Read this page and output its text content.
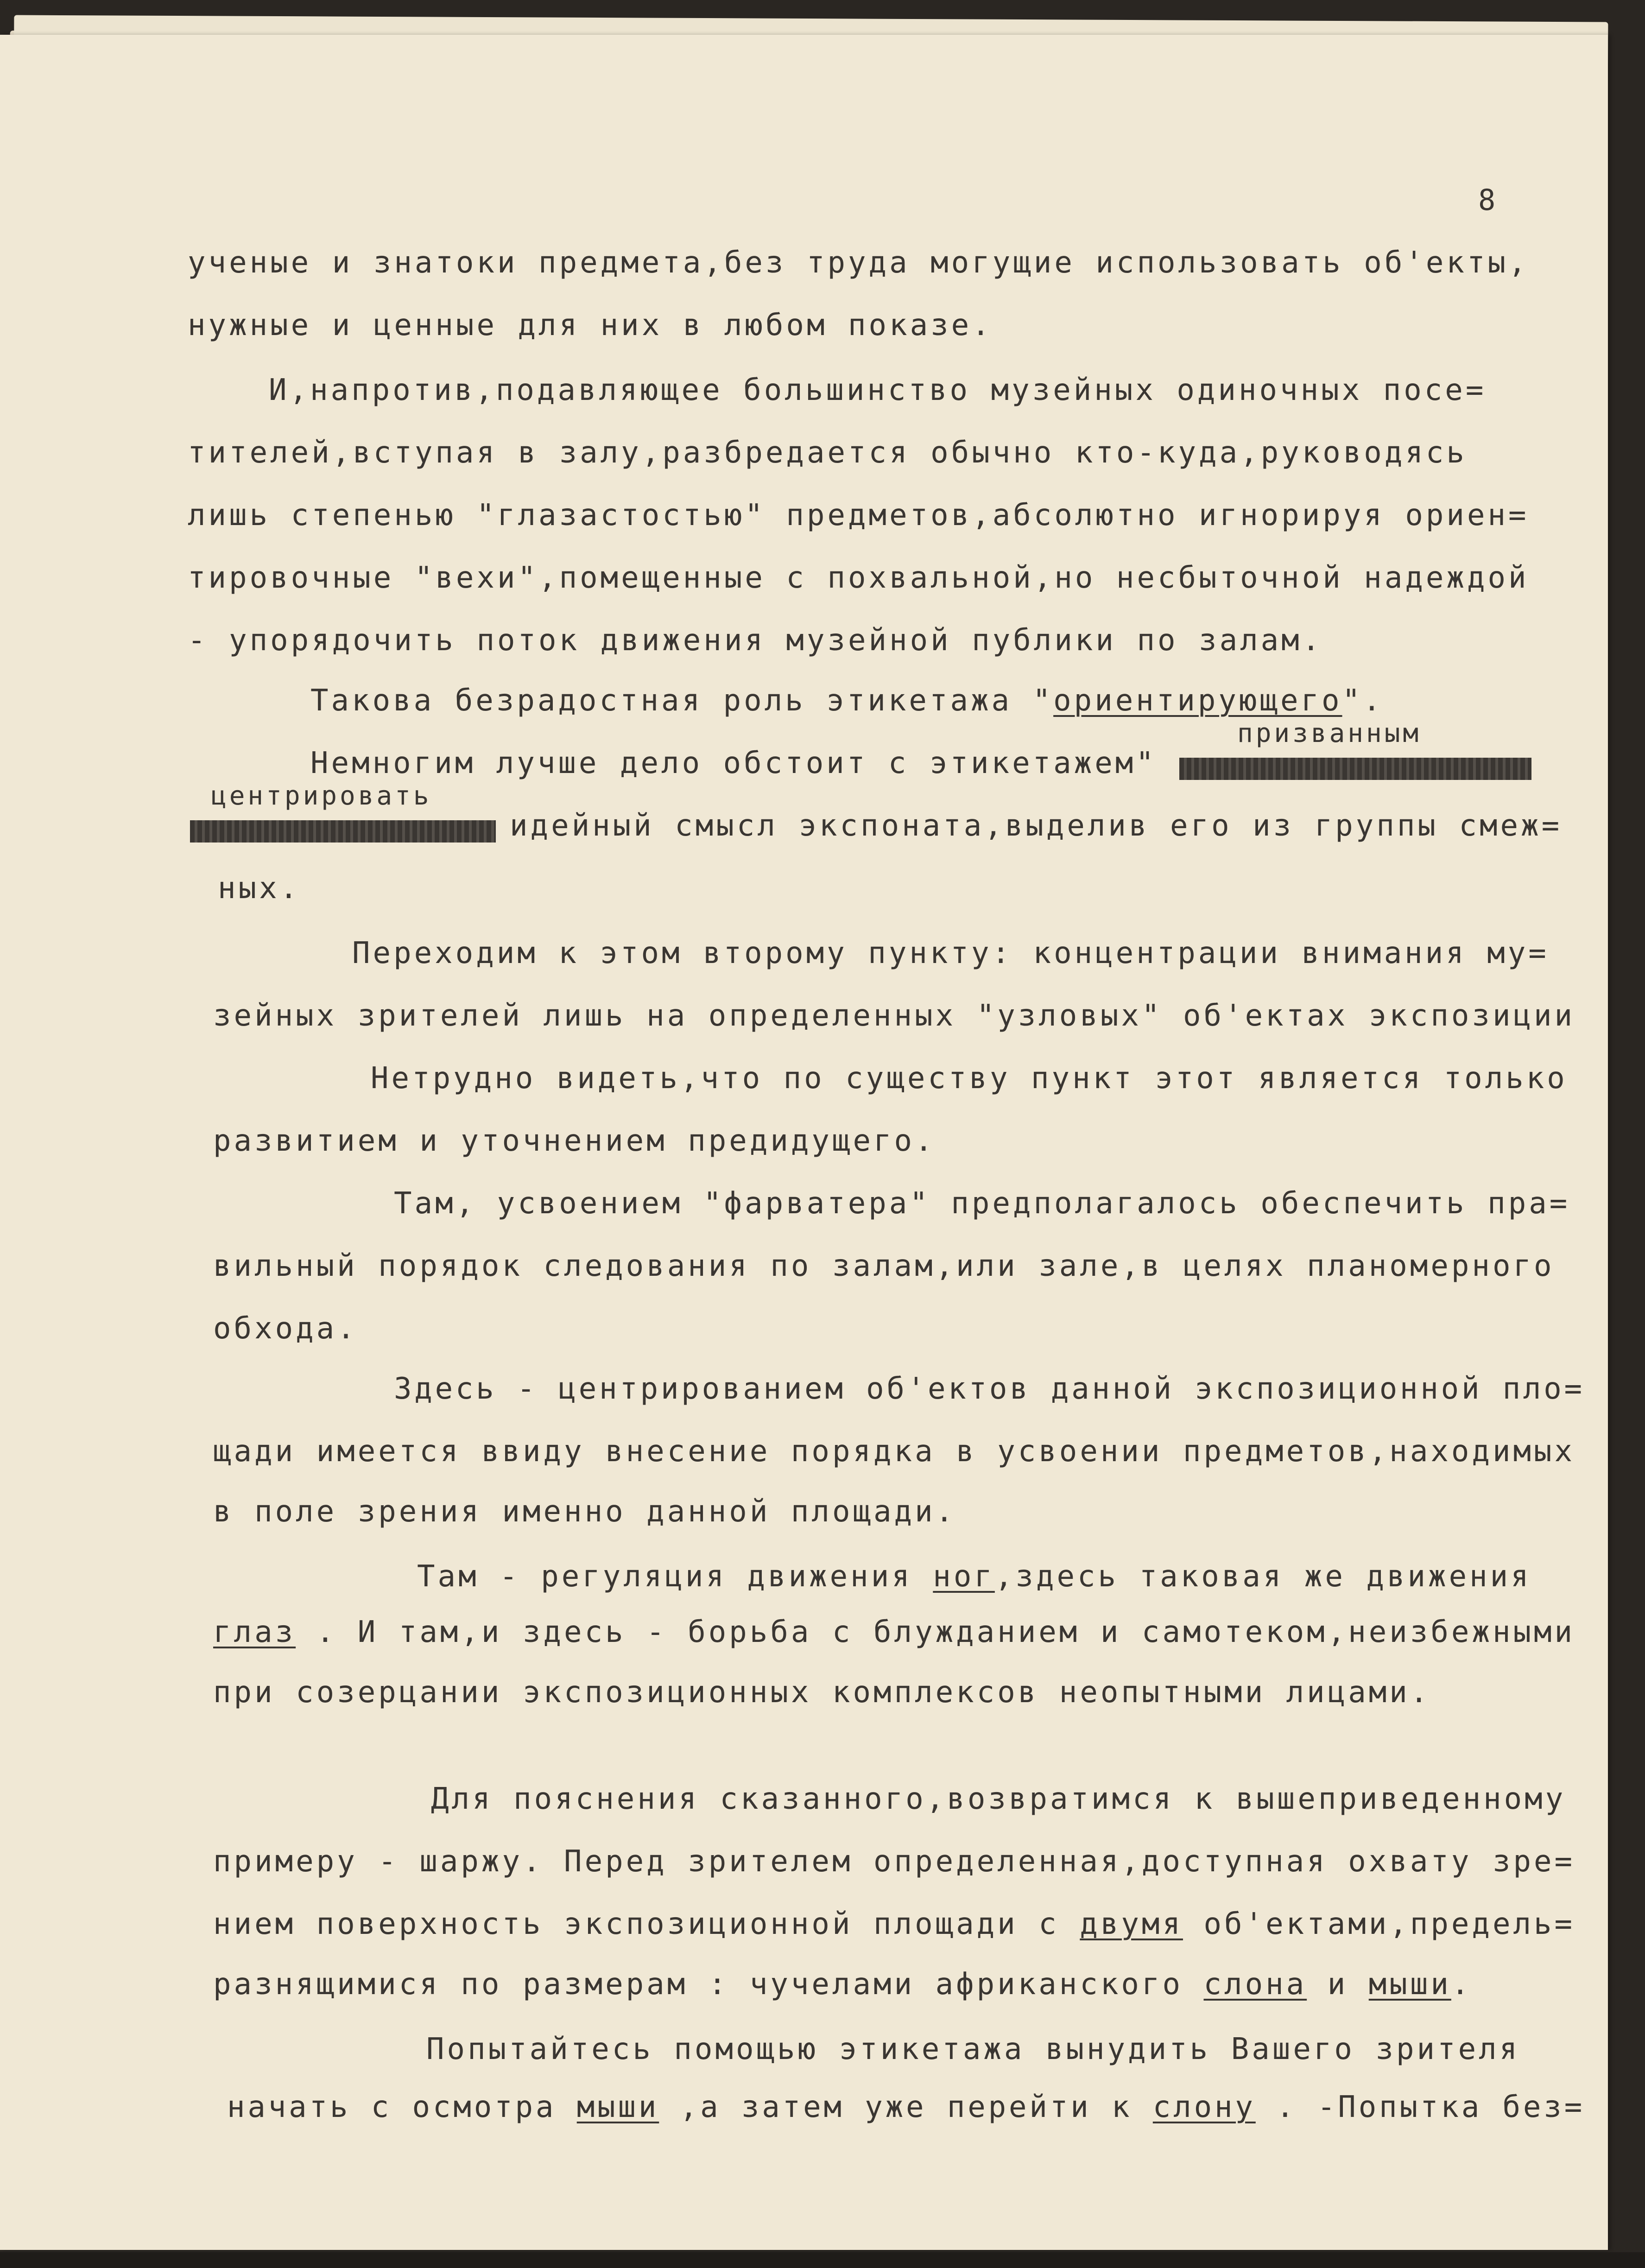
8

ученые и знатоки предмета,без труда могущие использовать об'екты,

нужные и ценные для них в любом показе.

И,напротив,подавляющее большинство музейных одиночных посе=

тителей,вступая в залу,разбредается обычно кто-куда,руководясь

лишь степенью "глазастостью" предметов,абсолютно игнорируя ориен=

тировочные "вехи",помещенные с похвальной,но несбыточной надеждой

- упорядочить поток движения музейной публики по залам.

Такова безрадостная роль этикетажа "ориентирующего".

призванным

Немногим лучше дело обстоит с этикетажем"

центрировать

идейный смысл экспоната,выделив его из группы смеж=

ных.

Переходим к этом второму пункту: концентрации внимания му=

зейных зрителей лишь на определенных "узловых" об'ектах экспозиции

Нетрудно видеть,что по существу пункт этот является только

развитием и уточнением предидущего.

Там, усвоением "фарватера" предполагалось обеспечить пра=

вильный порядок следования по залам,или зале,в целях планомерного

обхода.

Здесь - центрированием об'ектов данной экспозиционной пло=

щади имеется ввиду внесение порядка в усвоении предметов,находимых

в поле зрения именно данной площади.

Там - регуляция движения ног,здесь таковая же движения

глаз . И там,и здесь - борьба с блужданием и самотеком,неизбежными

при созерцании экспозиционных комплексов неопытными лицами.

Для пояснения сказанного,возвратимся к вышеприведенному

примеру - шаржу. Перед зрителем определенная,доступная охвату зре=

нием поверхность экспозиционной площади с двумя об'ектами,предель=

разнящимися по размерам : чучелами африканского слона и мыши.

Попытайтесь помощью этикетажа вынудить Вашего зрителя

начать с осмотра мыши ,а затем уже перейти к слону . -Попытка без=
